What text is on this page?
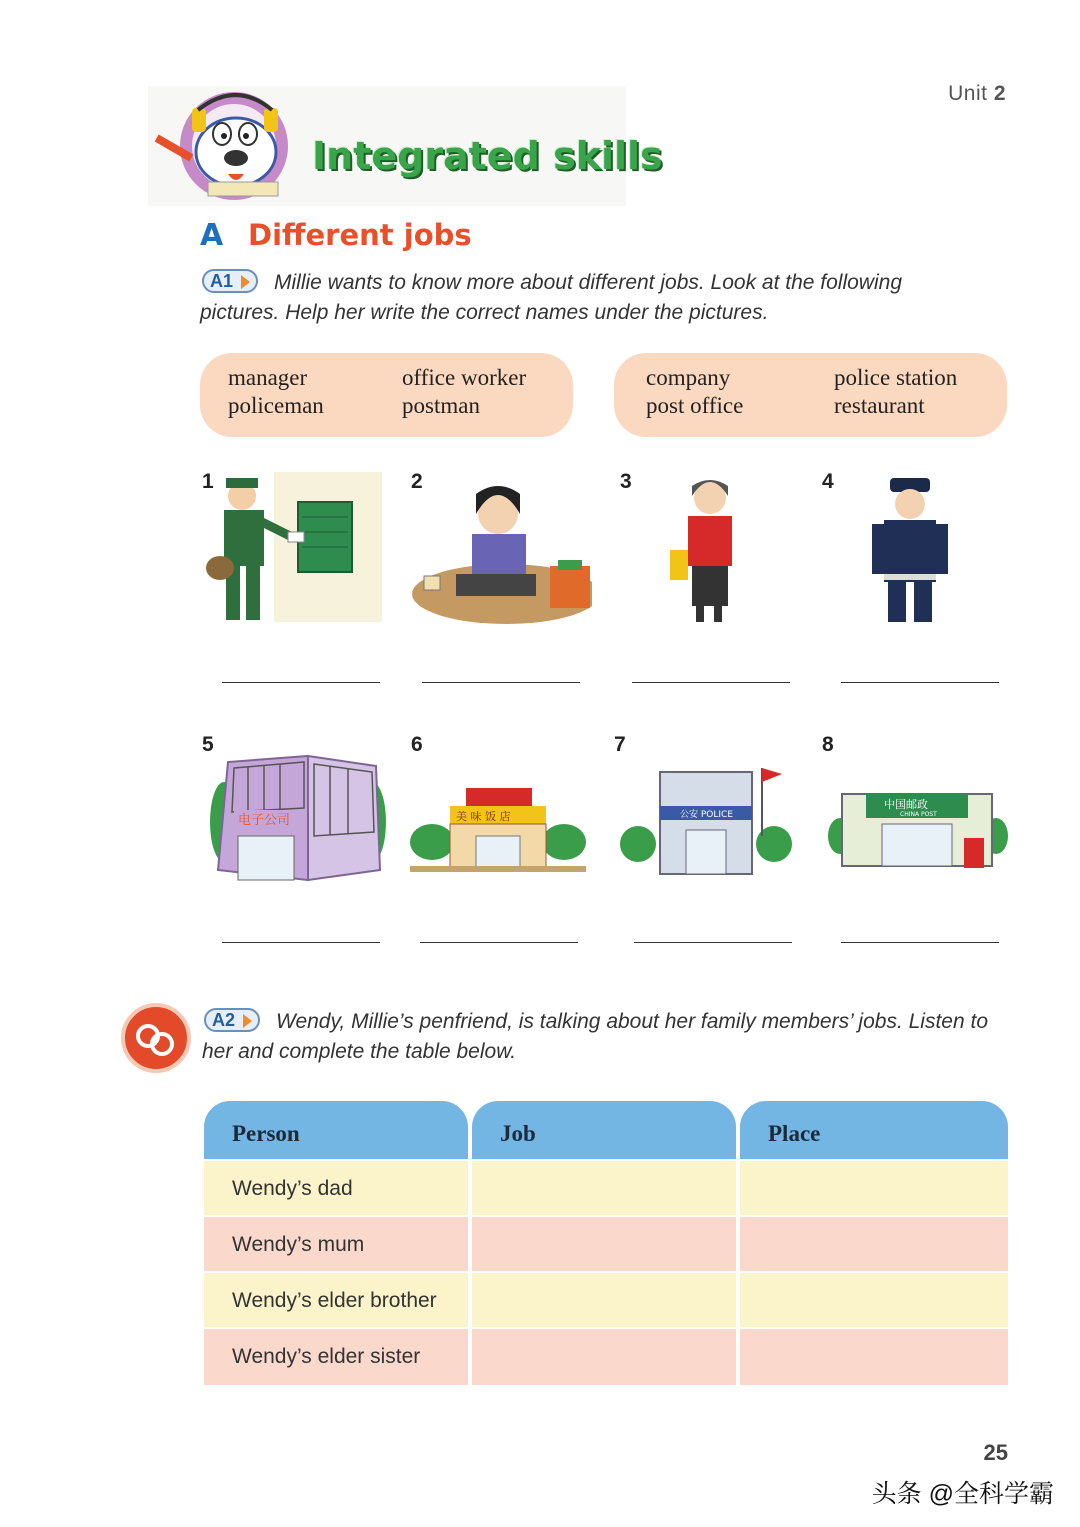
Unit 2
Integrated skills
A Different jobs
A1	Millie wants to know more about different jobs. Look at the following pictures. Help her write the correct names under the pictures.
manager	office worker
policeman	postman
company	police station
post office	restaurant
1	2	3	4
5
电子公司
6
美 味 饭 店
7
公安 POLICE
8
中国邮政
CHINA POST
A2	Wendy, Millie’s penfriend, is talking about her family members’ jobs. Listen to her and complete the table below.
Person	Job	Place
Wendy’s dad
Wendy’s mum
Wendy’s elder brother
Wendy’s elder sister
25
头条 @全科学霸
